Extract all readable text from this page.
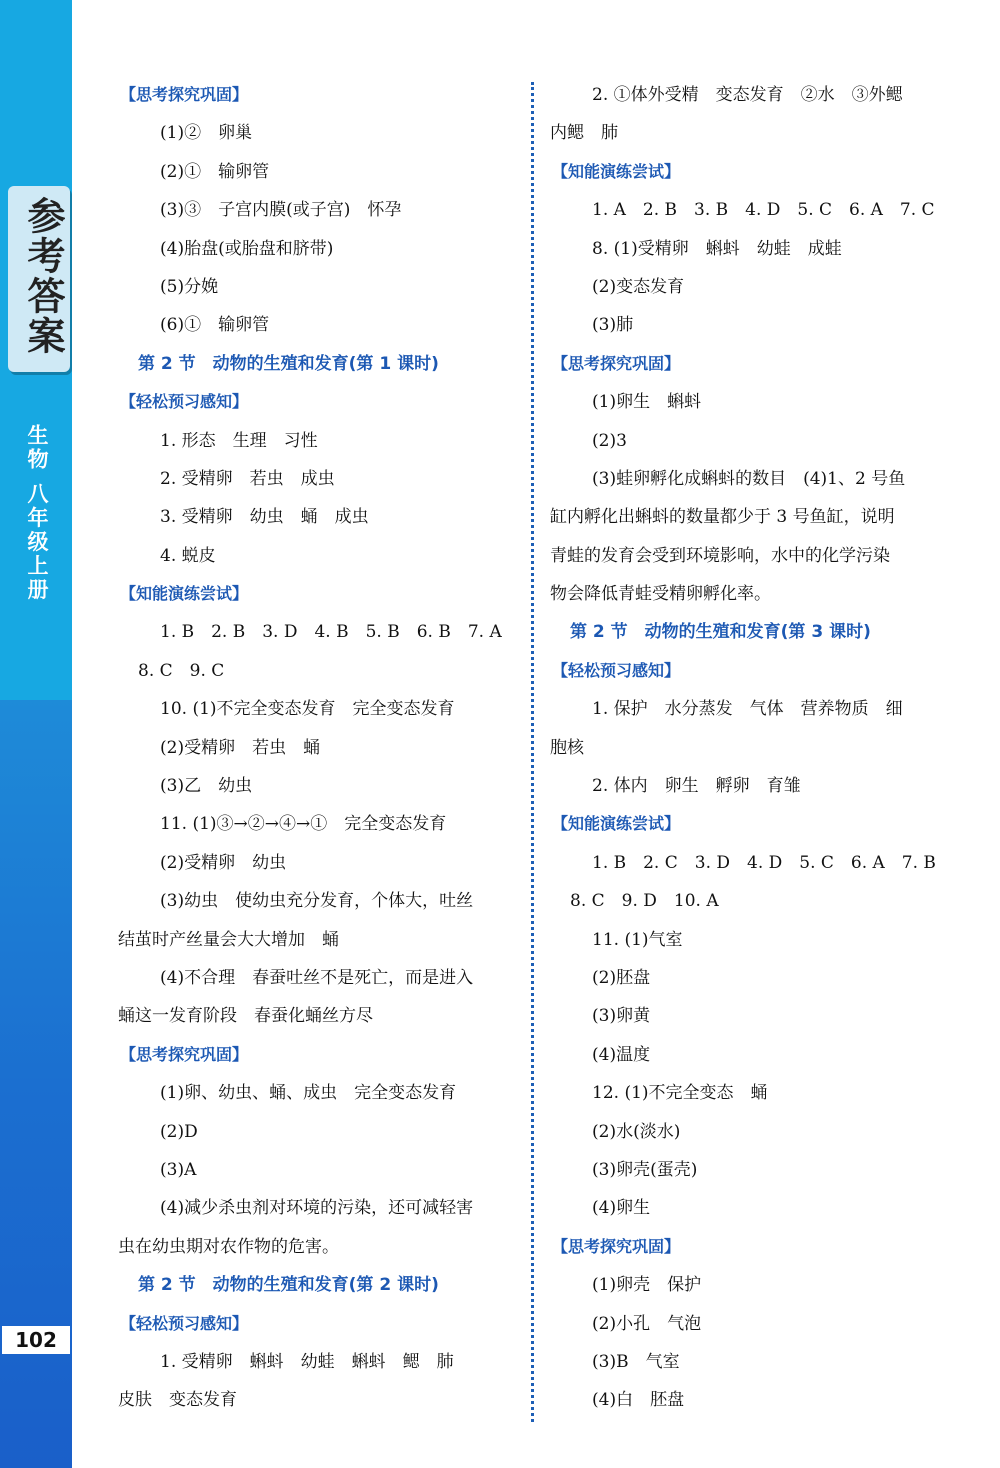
参考答案
生物 八年级上册
102
【思考探究巩固】
(1)②　卵巢
(2)①　输卵管
(3)③　子宫内膜(或子宫)　怀孕
(4)胎盘(或胎盘和脐带)
(5)分娩
(6)①　输卵管
第 2 节　动物的生殖和发育(第 1 课时)
【轻松预习感知】
1. 形态　生理　习性
2. 受精卵　若虫　成虫
3. 受精卵　幼虫　蛹　成虫
4. 蜕皮
【知能演练尝试】
1. B　2. B　3. D　4. B　5. B　6. B　7. A
8. C　9. C
10. (1)不完全变态发育　完全变态发育
(2)受精卵　若虫　蛹
(3)乙　幼虫
11. (1)③→②→④→①　完全变态发育
(2)受精卵　幼虫
(3)幼虫　使幼虫充分发育，个体大，吐丝
结茧时产丝量会大大增加　蛹
(4)不合理　春蚕吐丝不是死亡，而是进入
蛹这一发育阶段　春蚕化蛹丝方尽
【思考探究巩固】
(1)卵、幼虫、蛹、成虫　完全变态发育
(2)D
(3)A
(4)减少杀虫剂对环境的污染，还可减轻害
虫在幼虫期对农作物的危害。
第 2 节　动物的生殖和发育(第 2 课时)
【轻松预习感知】
1. 受精卵　蝌蚪　幼蛙　蝌蚪　鳃　肺
皮肤　变态发育
2. ①体外受精　变态发育　②水　③外鳃
内鳃　肺
【知能演练尝试】
1. A　2. B　3. B　4. D　5. C　6. A　7. C
8. (1)受精卵　蝌蚪　幼蛙　成蛙
(2)变态发育
(3)肺
【思考探究巩固】
(1)卵生　蝌蚪
(2)3
(3)蛙卵孵化成蝌蚪的数目　(4)1、2 号鱼
缸内孵化出蝌蚪的数量都少于 3 号鱼缸，说明
青蛙的发育会受到环境影响，水中的化学污染
物会降低青蛙受精卵孵化率。
第 2 节　动物的生殖和发育(第 3 课时)
【轻松预习感知】
1. 保护　水分蒸发　气体　营养物质　细
胞核
2. 体内　卵生　孵卵　育雏
【知能演练尝试】
1. B　2. C　3. D　4. D　5. C　6. A　7. B
8. C　9. D　10. A
11. (1)气室
(2)胚盘
(3)卵黄
(4)温度
12. (1)不完全变态　蛹
(2)水(淡水)
(3)卵壳(蛋壳)
(4)卵生
【思考探究巩固】
(1)卵壳　保护
(2)小孔　气泡
(3)B　气室
(4)白　胚盘
